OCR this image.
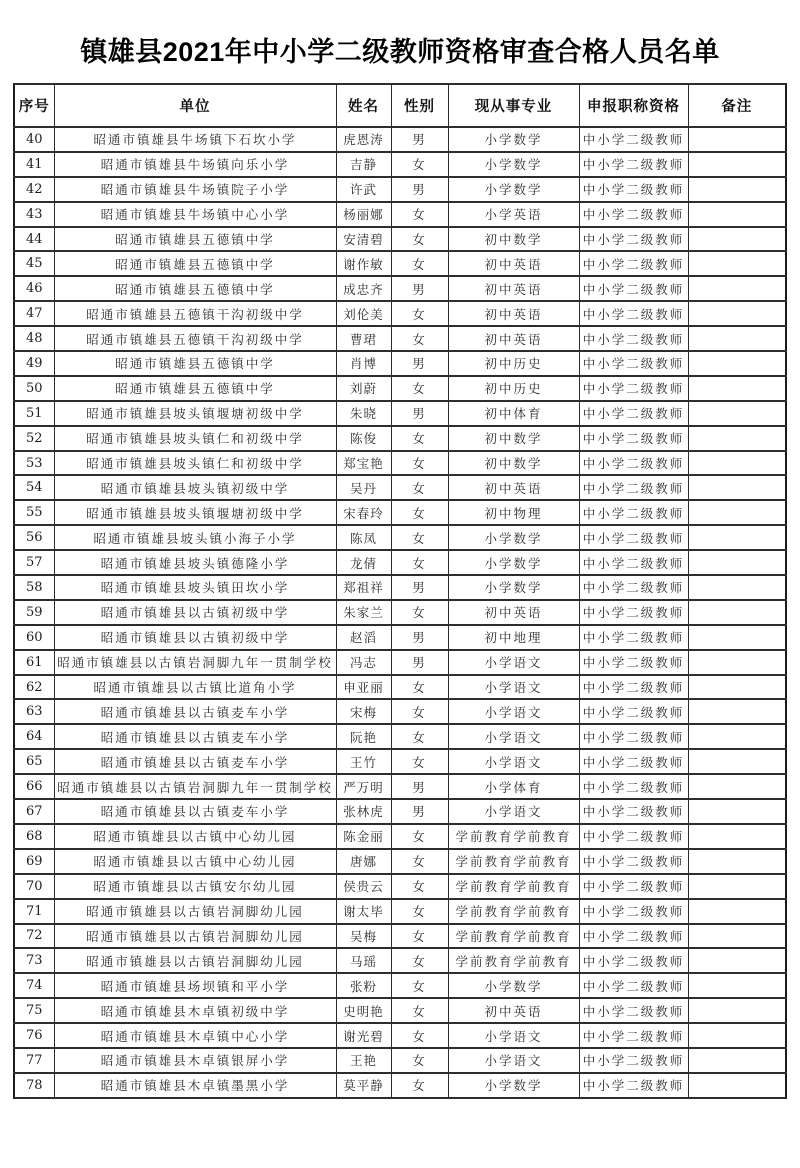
镇雄县2021年中小学二级教师资格审查合格人员名单
序号	单位	姓名	性别	现从事专业	申报职称资格	备注
40	昭通市镇雄县牛场镇下石坎小学	虎恩涛	男	小学数学	中小学二级教师	
41	昭通市镇雄县牛场镇向乐小学	吉静	女	小学数学	中小学二级教师	
42	昭通市镇雄县牛场镇院子小学	许武	男	小学数学	中小学二级教师	
43	昭通市镇雄县牛场镇中心小学	杨丽娜	女	小学英语	中小学二级教师	
44	昭通市镇雄县五德镇中学	安清碧	女	初中数学	中小学二级教师	
45	昭通市镇雄县五德镇中学	谢作敏	女	初中英语	中小学二级教师	
46	昭通市镇雄县五德镇中学	成忠齐	男	初中英语	中小学二级教师	
47	昭通市镇雄县五德镇干沟初级中学	刘伦美	女	初中英语	中小学二级教师	
48	昭通市镇雄县五德镇干沟初级中学	曹珺	女	初中英语	中小学二级教师	
49	昭通市镇雄县五德镇中学	肖博	男	初中历史	中小学二级教师	
50	昭通市镇雄县五德镇中学	刘蔚	女	初中历史	中小学二级教师	
51	昭通市镇雄县坡头镇堰塘初级中学	朱晓	男	初中体育	中小学二级教师	
52	昭通市镇雄县坡头镇仁和初级中学	陈俊	女	初中数学	中小学二级教师	
53	昭通市镇雄县坡头镇仁和初级中学	郑宝艳	女	初中数学	中小学二级教师	
54	昭通市镇雄县坡头镇初级中学	吴丹	女	初中英语	中小学二级教师	
55	昭通市镇雄县坡头镇堰塘初级中学	宋春玲	女	初中物理	中小学二级教师	
56	昭通市镇雄县坡头镇小海子小学	陈凤	女	小学数学	中小学二级教师	
57	昭通市镇雄县坡头镇德隆小学	龙倩	女	小学数学	中小学二级教师	
58	昭通市镇雄县坡头镇田坎小学	郑祖祥	男	小学数学	中小学二级教师	
59	昭通市镇雄县以古镇初级中学	朱家兰	女	初中英语	中小学二级教师	
60	昭通市镇雄县以古镇初级中学	赵滔	男	初中地理	中小学二级教师	
61	昭通市镇雄县以古镇岩洞脚九年一贯制学校	冯志	男	小学语文	中小学二级教师	
62	昭通市镇雄县以古镇比道角小学	申亚丽	女	小学语文	中小学二级教师	
63	昭通市镇雄县以古镇麦车小学	宋梅	女	小学语文	中小学二级教师	
64	昭通市镇雄县以古镇麦车小学	阮艳	女	小学语文	中小学二级教师	
65	昭通市镇雄县以古镇麦车小学	王竹	女	小学语文	中小学二级教师	
66	昭通市镇雄县以古镇岩洞脚九年一贯制学校	严万明	男	小学体育	中小学二级教师	
67	昭通市镇雄县以古镇麦车小学	张林虎	男	小学语文	中小学二级教师	
68	昭通市镇雄县以古镇中心幼儿园	陈金丽	女	学前教育学前教育	中小学二级教师	
69	昭通市镇雄县以古镇中心幼儿园	唐娜	女	学前教育学前教育	中小学二级教师	
70	昭通市镇雄县以古镇安尔幼儿园	侯贵云	女	学前教育学前教育	中小学二级教师	
71	昭通市镇雄县以古镇岩洞脚幼儿园	谢太毕	女	学前教育学前教育	中小学二级教师	
72	昭通市镇雄县以古镇岩洞脚幼儿园	吴梅	女	学前教育学前教育	中小学二级教师	
73	昭通市镇雄县以古镇岩洞脚幼儿园	马瑶	女	学前教育学前教育	中小学二级教师	
74	昭通市镇雄县场坝镇和平小学	张粉	女	小学数学	中小学二级教师	
75	昭通市镇雄县木卓镇初级中学	史明艳	女	初中英语	中小学二级教师	
76	昭通市镇雄县木卓镇中心小学	谢光碧	女	小学语文	中小学二级教师	
77	昭通市镇雄县木卓镇银屏小学	王艳	女	小学语文	中小学二级教师	
78	昭通市镇雄县木卓镇墨黑小学	莫平静	女	小学数学	中小学二级教师	
